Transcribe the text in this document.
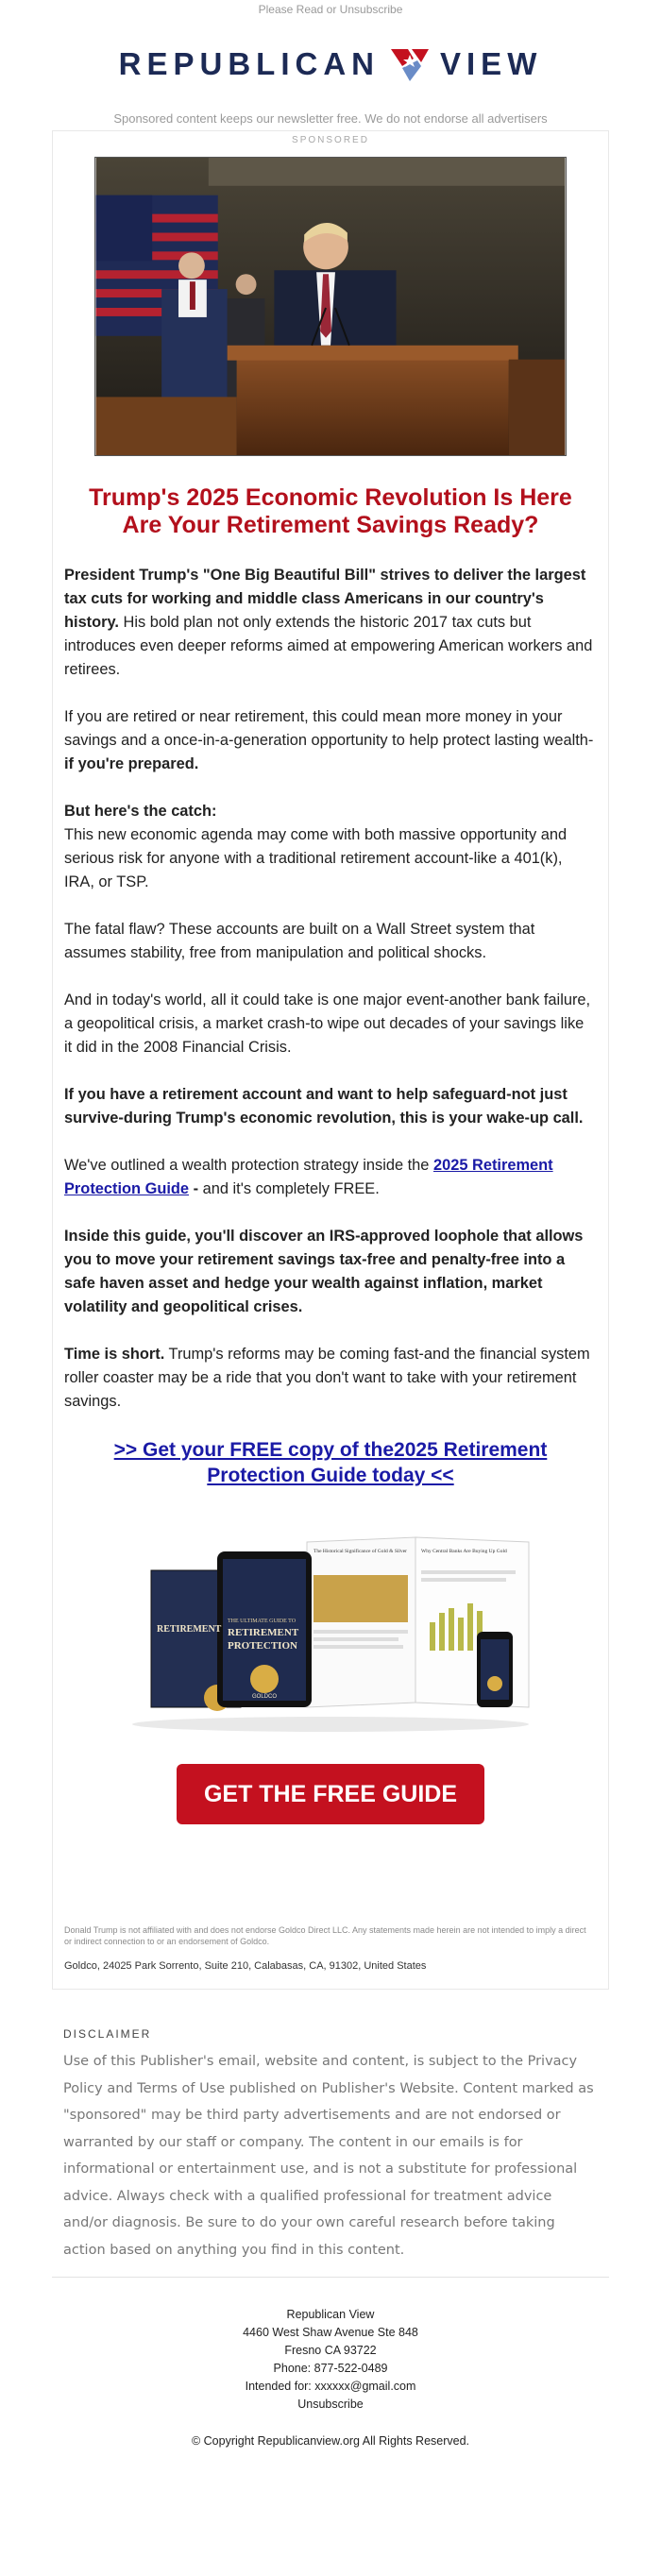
Please Read or Unsubscribe
REPUBLICAN VIEW
Sponsored content keeps our newsletter free. We do not endorse all advertisers
SPONSORED
Trump's 2025 Economic Revolution Is Here
Are Your Retirement Savings Ready?

President Trump's "One Big Beautiful Bill" strives to deliver the largest tax cuts for working and middle class Americans in our country's history. His bold plan not only extends the historic 2017 tax cuts but introduces even deeper reforms aimed at empowering American workers and retirees.

If you are retired or near retirement, this could mean more money in your savings and a once-in-a-generation opportunity to help protect lasting wealth-if you're prepared.

But here's the catch:
This new economic agenda may come with both massive opportunity and serious risk for anyone with a traditional retirement account-like a 401(k), IRA, or TSP.

The fatal flaw? These accounts are built on a Wall Street system that assumes stability, free from manipulation and political shocks.

And in today's world, all it could take is one major event-another bank failure, a geopolitical crisis, a market crash-to wipe out decades of your savings like it did in the 2008 Financial Crisis.

If you have a retirement account and want to help safeguard-not just survive-during Trump's economic revolution, this is your wake-up call.

We've outlined a wealth protection strategy inside the 2025 Retirement Protection Guide - and it's completely FREE.

Inside this guide, you'll discover an IRS-approved loophole that allows you to move your retirement savings tax-free and penalty-free into a safe haven asset and hedge your wealth against inflation, market volatility and geopolitical crises.

Time is short. Trump's reforms may be coming fast-and the financial system roller coaster may be a ride that you don't want to take with your retirement savings.

>> Get your FREE copy of the2025 Retirement
Protection Guide today <<
The Historical Significance of Gold & Silver	Why Central Banks Are Buying Up Gold
THE ULTIMATE GUIDE TO
RETIREMENT
PROTECTION
GOLDCO
RETIREMENT
GET THE FREE GUIDE

Donald Trump is not affiliated with and does not endorse Goldco Direct LLC. Any statements made herein are not intended to imply a direct or indirect connection to or an endorsement of Goldco.

Goldco, 24025 Park Sorrento, Suite 210, Calabasas, CA, 91302, United States

DISCLAIMER

Use of this Publisher's email, website and content, is subject to the Privacy Policy and Terms of Use published on Publisher's Website. Content marked as "sponsored" may be third party advertisements and are not endorsed or warranted by our staff or company. The content in our emails is for informational or entertainment use, and is not a substitute for professional advice. Always check with a qualified professional for treatment advice and/or diagnosis. Be sure to do your own careful research before taking action based on anything you find in this content.

Republican View
4460 West Shaw Avenue Ste 848
Fresno CA 93722
Phone: 877-522-0489
Intended for: xxxxxx@gmail.com
Unsubscribe
© Copyright Republicanview.org All Rights Reserved.
